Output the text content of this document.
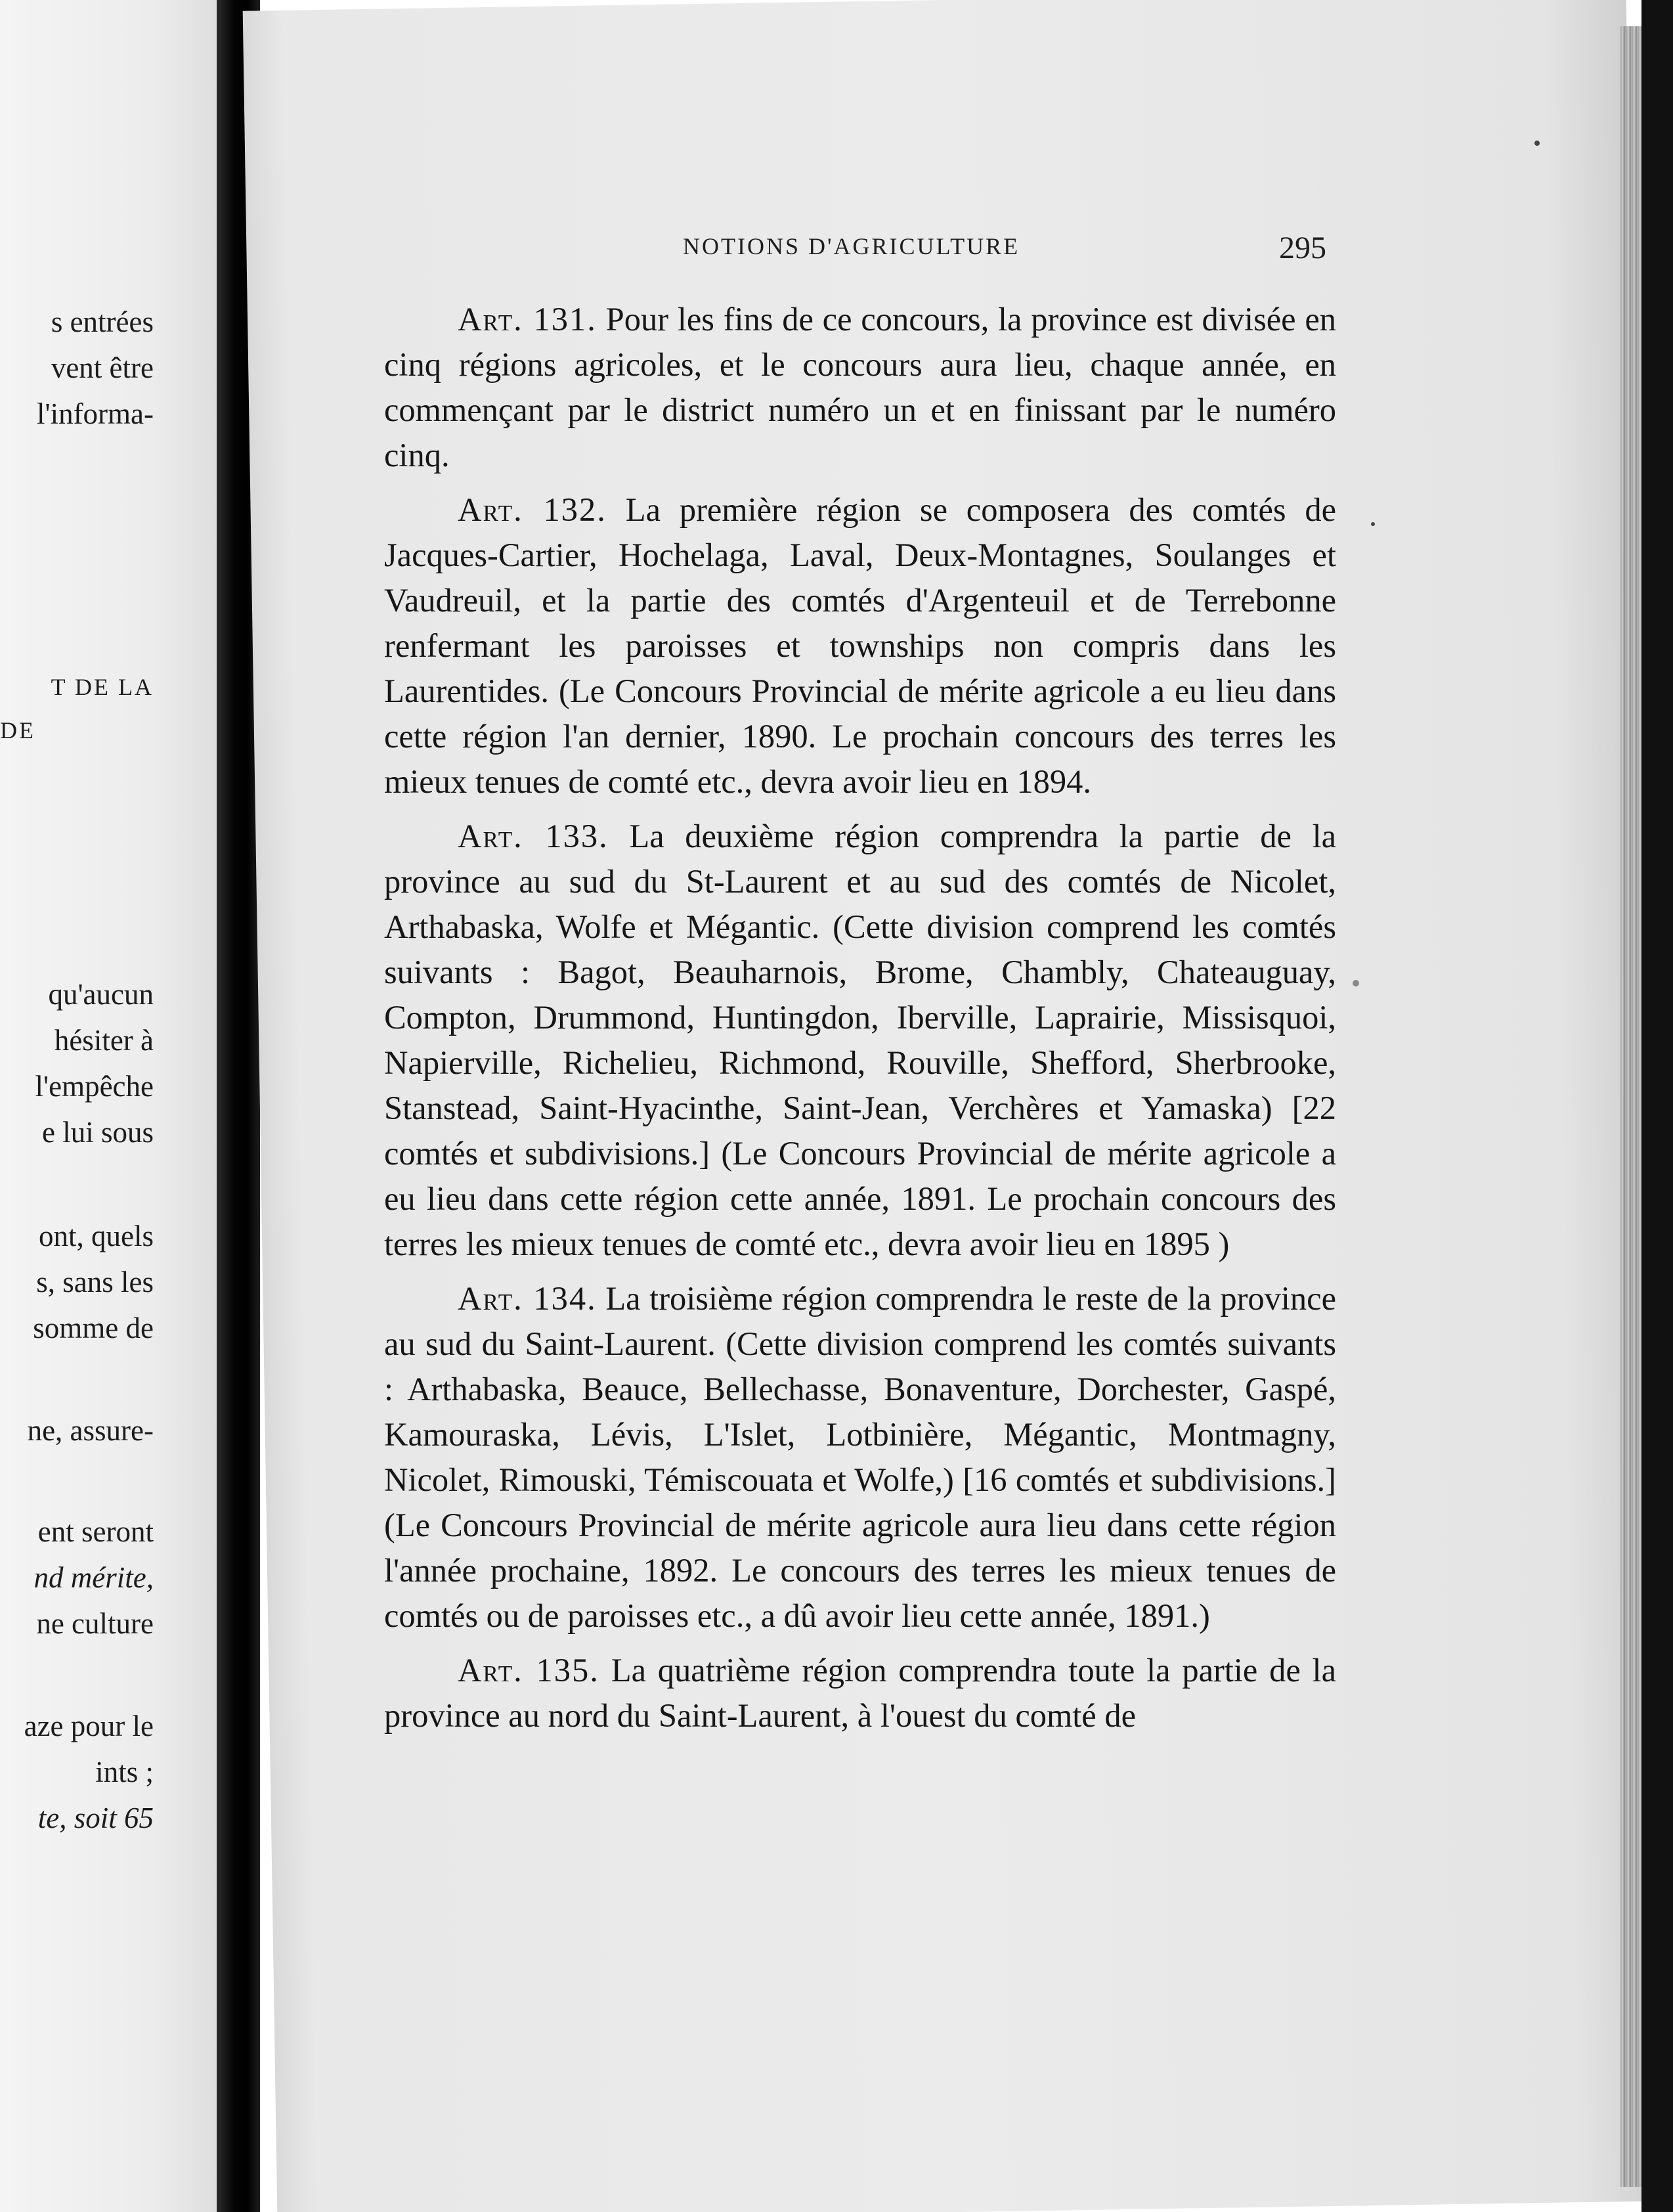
s entrées
vent être
l'informa-
T DE LA
DE
qu'aucun
hésiter à
l'empêche
e lui sous
ont, quels
s, sans les
somme de
ne, assure-
ent seront
nd mérite,
ne culture
aze pour le
ints ;
te, soit 65
NOTIONS D'AGRICULTURE	295

Art. 131. Pour les fins de ce concours, la province est divisée en cinq régions agricoles, et le concours aura lieu, chaque année, en commençant par le district numéro un et en finissant par le numéro cinq.

Art. 132. La première région se composera des comtés de Jacques-Cartier, Hochelaga, Laval, Deux-Montagnes, Soulanges et Vaudreuil, et la partie des comtés d'Argenteuil et de Terrebonne renfermant les paroisses et townships non compris dans les Laurentides. (Le Concours Provincial de mérite agricole a eu lieu dans cette région l'an dernier, 1890. Le prochain concours des terres les mieux tenues de comté etc., devra avoir lieu en 1894.

Art. 133. La deuxième région comprendra la partie de la province au sud du St-Laurent et au sud des comtés de Nicolet, Arthabaska, Wolfe et Mégantic. (Cette division comprend les comtés suivants : Bagot, Beauharnois, Brome, Chambly, Chateauguay, Compton, Drummond, Huntingdon, Iberville, Laprairie, Missisquoi, Napierville, Richelieu, Richmond, Rouville, Shefford, Sherbrooke, Stanstead, Saint-Hyacinthe, Saint-Jean, Verchères et Yamaska) [22 comtés et subdivisions.] (Le Concours Provincial de mérite agricole a eu lieu dans cette région cette année, 1891. Le prochain concours des terres les mieux tenues de comté etc., devra avoir lieu en 1895 )

Art. 134. La troisième région comprendra le reste de la province au sud du Saint-Laurent. (Cette division comprend les comtés suivants : Arthabaska, Beauce, Bellechasse, Bonaventure, Dorchester, Gaspé, Kamouraska, Lévis, L'Islet, Lotbinière, Mégantic, Montmagny, Nicolet, Rimouski, Témiscouata et Wolfe,) [16 comtés et subdivisions.] (Le Concours Provincial de mérite agricole aura lieu dans cette région l'année prochaine, 1892. Le concours des terres les mieux tenues de comtés ou de paroisses etc., a dû avoir lieu cette année, 1891.)

Art. 135. La quatrième région comprendra toute la partie de la province au nord du Saint-Laurent, à l'ouest du comté de
